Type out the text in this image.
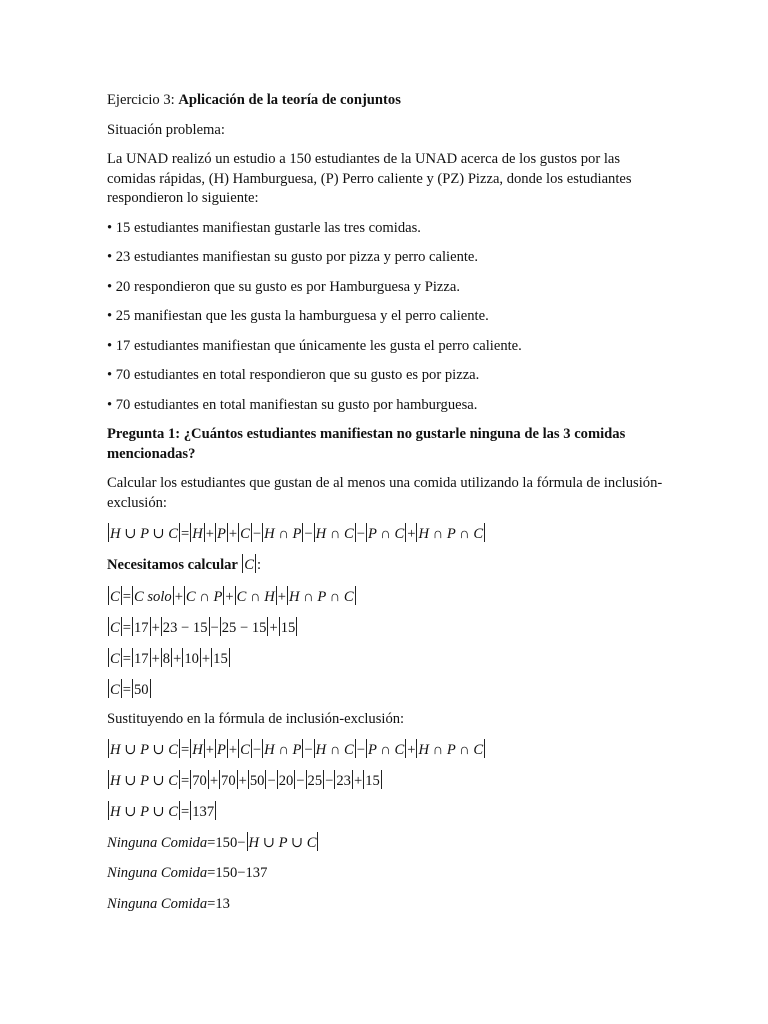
Ejercicio 3: Aplicación de la teoría de conjuntos

Situación problema:

La UNAD realizó un estudio a 150 estudiantes de la UNAD acerca de los gustos por las comidas rápidas, (H) Hamburguesa, (P) Perro caliente y (PZ) Pizza, donde los estudiantes respondieron lo siguiente:

• 15 estudiantes manifiestan gustarle las tres comidas.

• 23 estudiantes manifiestan su gusto por pizza y perro caliente.

• 20 respondieron que su gusto es por Hamburguesa y Pizza.

• 25 manifiestan que les gusta la hamburguesa y el perro caliente.

• 17 estudiantes manifiestan que únicamente les gusta el perro caliente.

• 70 estudiantes en total respondieron que su gusto es por pizza.

• 70 estudiantes en total manifiestan su gusto por hamburguesa.

Pregunta 1: ¿Cuántos estudiantes manifiestan no gustarle ninguna de las 3 comidas mencionadas?

Calcular los estudiantes que gustan de al menos una comida utilizando la fórmula de inclusión-exclusión:

H ∪ P ∪ C = H + P + C − H ∩ P − H ∩ C − P ∩ C + H ∩ P ∩ C

Necesitamos calcular C :

C = C solo + C ∩ P + C ∩ H + H ∩ P ∩ C
C = 17 + 23 − 15 − 25 − 15 + 15
C = 17 + 8 + 10 + 15
C = 50

Sustituyendo en la fórmula de inclusión-exclusión:

H ∪ P ∪ C = H + P + C − H ∩ P − H ∩ C − P ∩ C + H ∩ P ∩ C
H ∪ P ∪ C = 70 + 70 + 50 − 20 − 25 − 23 + 15
H ∪ P ∪ C = 137
Ninguna Comida=150− H ∪ P ∪ C
Ninguna Comida=150−137
Ninguna Comida=13
